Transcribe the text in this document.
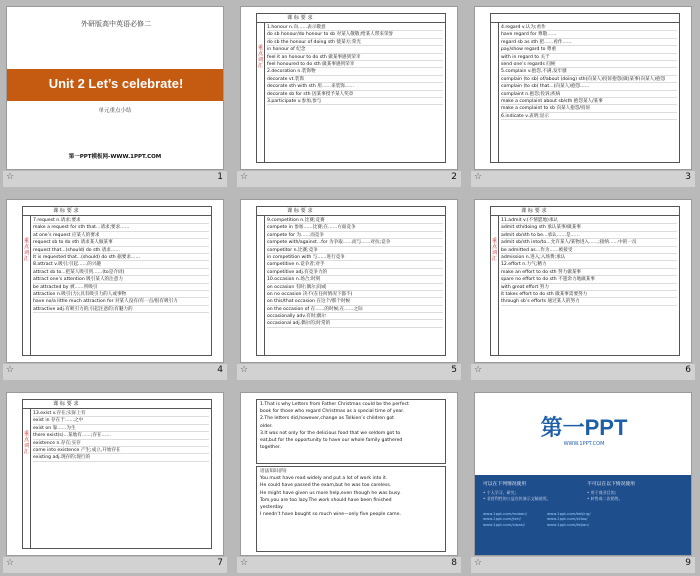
外研版高中英语必修二
Unit 2 Let’s celebrate!
单元重点小结
第一PPT模板网-WWW.1PPT.COM
☆	1
课 标 要 求
重点词汇
1.honour n.向……表示敬意
do sb honour/do honour to sb 对某人敬敬;给某人带来荣誉
do sb the honour of doing sth 使某方;荣光
in honour of 纪念
feel it an honour to do sth 做某事感到荣幸
feel honoured to do sth 做某事感到荣幸
2.decoration n.装饰物
decorate vt.装饰
decorate sth with sth 用……来装饰……
decorate sb for sth 因某事授予某人奖章
3.participate v.参加,参与
☆	2
4.regard v.认为;看作
have regard for 尊敬……
regard sb as sth 把……看作……
pay/show regard to 尊重
with in regard to 关于
send one’s regards 问候
5.complain v.抱怨,不满,发牢骚
complain (to sb) of/about (doing) sth(向某人)投诉抱怨(做)某事(向某人)抱怨
complain (to sb) that...(向某人)抱怨……
complaint n.抱怨;投诉;疾病
make a complaint about sb/sth 抱怨某人/某事
make a complaint to sb 向某人抱怨/投诉
6.indicate v.表明;显示
☆	3
课 标 要 求
重点词汇
7.request n.请求;要求
make a request for sth that...请求;要求……
at one’s request 应某人的要求
request sb to do sth 请求某人做某事
request that...(should) do sth 请求……
It is requested that...(should) do sth 据要求……
8.attract v.吸引;引起……的兴趣
attract sb to...把某人吸引到……(to是介词)
attract one’s attention 吸引某人的注意力
be attracted by 被……所吸引
attraction n.吸引(力);具有吸引力的人或事物
have no/a little much attraction for 对某人没有/有一点/很有吸引力
attractive adj.有吸引力的;引起注意的;有魅力的
☆	4
课 标 要 求
9.competition n.比赛;竞赛
compete in 参加……比赛;在……方面竞争
compete for 为……而竞争
compete with/against...for 为争取……而与……对抗;竞争
competitor n.比赛;竞争
in competition with 与……进行竞争
competitive n.竞争者;对手
competitive adj.有竞争力的
10.occasion n.场合;时刻
on occasion 有时;偶尔;间或
on no occasion 决不(在任何情况下都不)
on this/that occasion 在这个/那个时候
on the occasion of 在……的时候;在……之际
occasionally adv.有时;偶尔
occasional adj.偶尔的;时常的
☆	5
课 标 要 求
重点词汇
11.admit v.(不情愿地)承认
admit sth/doing sth 承认某事/做某事
admit sb/sth to be…承认……是……
admit sb/sth into/to…允许某人/某物进入……;接纳……中的一员
be admitted as…作为……被接受
admission n.进入;入场费;承认
12.effort n.力气;精力
make an effort to do sth 努力做某事
spare no effort to do sth 不遗余力地做某事
with great effort 努力
it takes effort to do sth 做某事需要努力
through sb’s efforts 通过某人的努力
☆	6
课 标 要 求
重点词汇
13.exist v.存在;实际上有
exist in 存在于……之中
exist on 靠……为生
there exist(s)...某地有……;存在……
existence n.存在;实存
come into existence 产生;成立,开始存在
existing adj.现存的;现行的
☆	7
1.That is why Letters from Father Christmas could be the perfect
book for those who regard Christmas as a special time of year.
2.The letters did,however,change as Tolkien’s children got
older.
3.It was not only for the delicious food that we seldom got to
eat,but for the opportunity to have our whole family gathered
together.
语法知识(四)
You must have read widely and put a lot of work into it.
He could have passed the exam,but he was too careless.
He might have given us more help,even though he was busy.
Tom,you are too lazy.The work should have been finished
yesterday.
I needn’t have bought so much wine—only five people came.
☆	8
第一PPT
WWW.1PPT.COM
可以在下列情况使用	不可以在以下情况使用
• 个人学习、研究;
• 非营利性的公益宣传演示文稿使用。
• 用于商业目的;
• 转售或二次销售。
www.1ppt.com/moban/
www.1ppt.com/jieri/
www.1ppt.com/xiazai/
www.1ppt.com/beijing/
www.1ppt.com/ziliao/
www.1ppt.com/kejian/
☆	9
